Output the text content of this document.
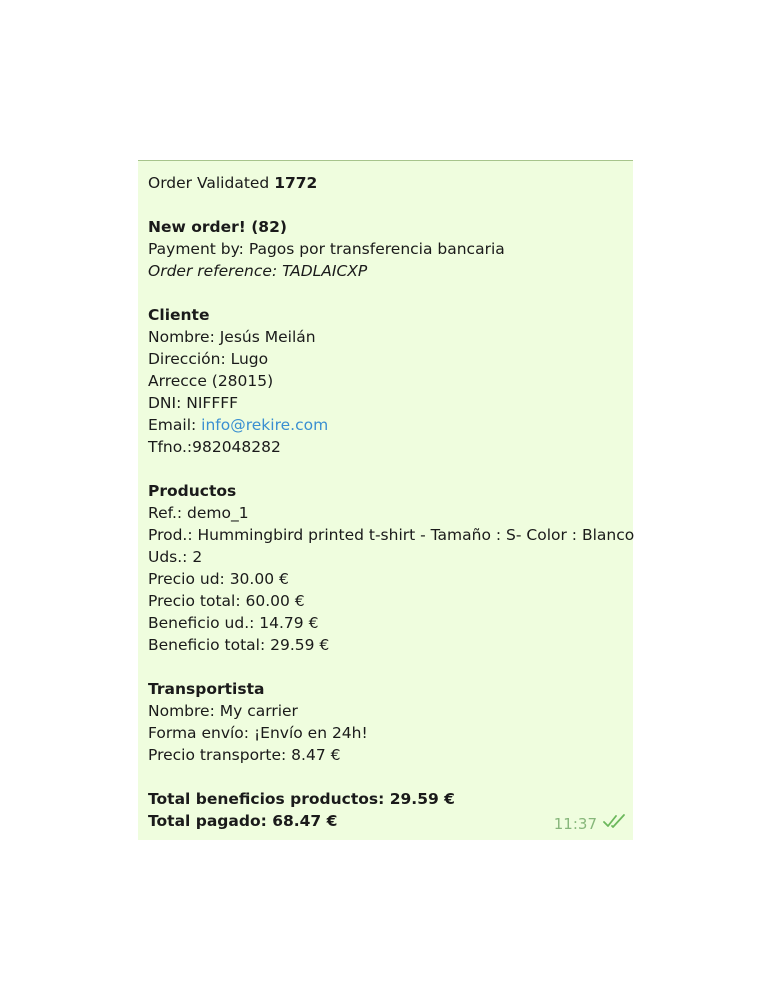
Order Validated 1772
New order! (82)
Payment by: Pagos por transferencia bancaria
Order reference: TADLAICXP
Cliente
Nombre: Jesús Meilán
Dirección: Lugo
Arrecce (28015)
DNI: NIFFFF
Email: info@rekire.com
Tfno.:982048282
Productos
Ref.: demo_1
Prod.: Hummingbird printed t-shirt - Tamaño : S- Color : Blanco
Uds.: 2
Precio ud: 30.00 €
Precio total: 60.00 €
Beneficio ud.: 14.79 €
Beneficio total: 29.59 €
Transportista
Nombre: My carrier
Forma envío: ¡Envío en 24h!
Precio transporte: 8.47 €
Total beneficios productos: 29.59 €
Total pagado: 68.47 €	11:37
